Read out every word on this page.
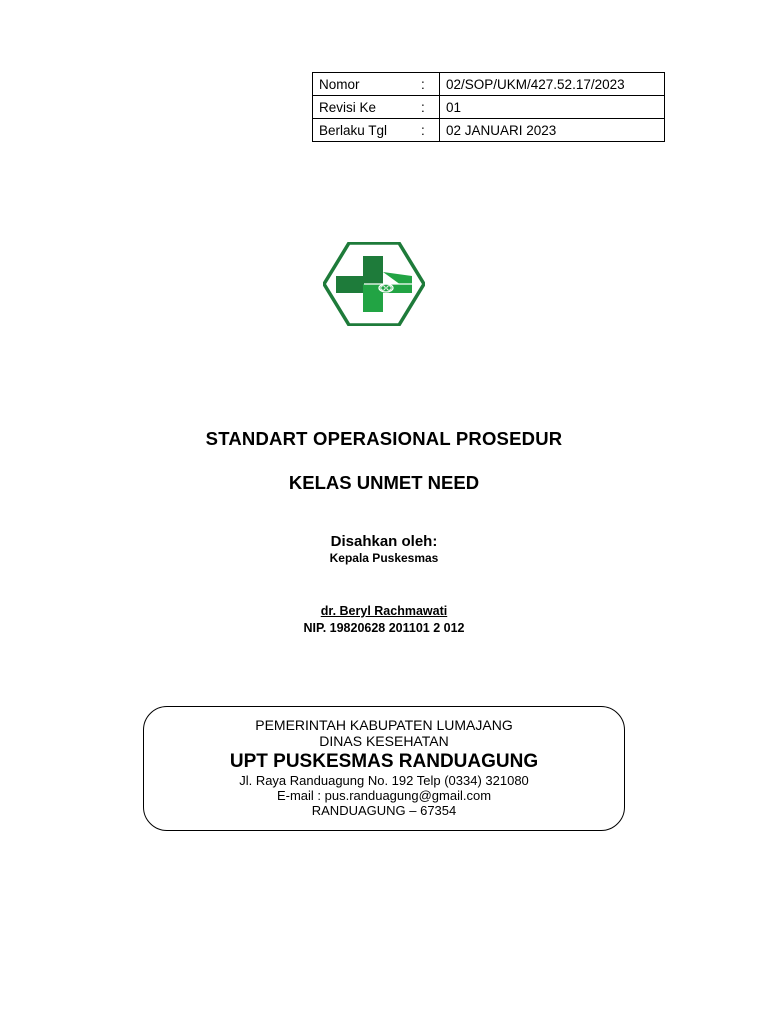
Nomor	:	02/SOP/UKM/427.52.17/2023
Revisi Ke	:	01
Berlaku Tgl	:	02 JANUARI 2023
STANDART OPERASIONAL PROSEDUR
KELAS UNMET NEED
Disahkan oleh:
Kepala Puskesmas
dr. Beryl Rachmawati
NIP. 19820628 201101 2 012
PEMERINTAH KABUPATEN LUMAJANG
DINAS KESEHATAN
UPT PUSKESMAS RANDUAGUNG
Jl. Raya Randuagung No. 192 Telp (0334) 321080
E-mail : pus.randuagung@gmail.com
RANDUAGUNG – 67354
